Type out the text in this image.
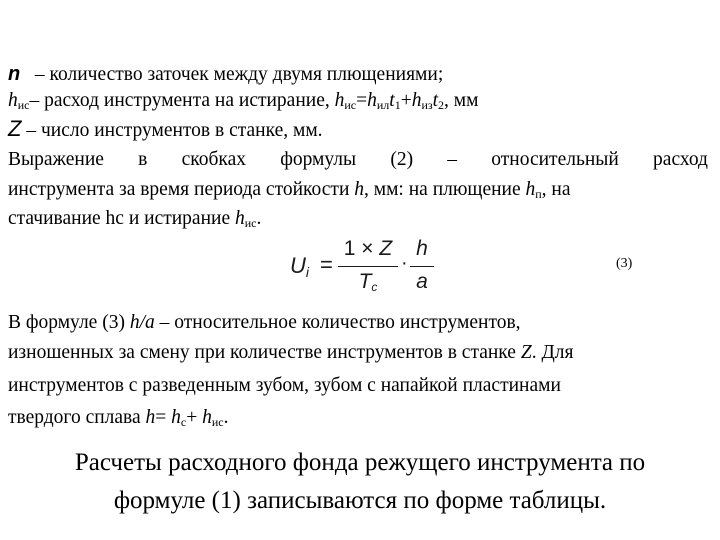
n – количество заточек между двумя плющениями;
$h_{ис}-$ расход инструмента на истирание, $h_{ис}=h_{ил}t_1+h_{из}t_2$, мм
Z – число инструментов в станке, мм.
Выражение в скобках формулы (2) – относительный расход
инструмента за время периода стойкости h, мм: на плющение $h_п$, на
стачивание hс и истирание $h_{ис}$.
$U_i$ =
1 × Z
$T_c$
·
h
a
(3)
В формуле (3) h/a – относительное количество инструментов,
изношенных за смену при количестве инструментов в станке Z. Для
инструментов с разведенным зубом, зубом с напайкой пластинами
твердого сплава $h= h_с+ h_{ис}$.
Расчеты расходного фонда режущего инструмента по
формуле (1) записываются по форме таблицы.
